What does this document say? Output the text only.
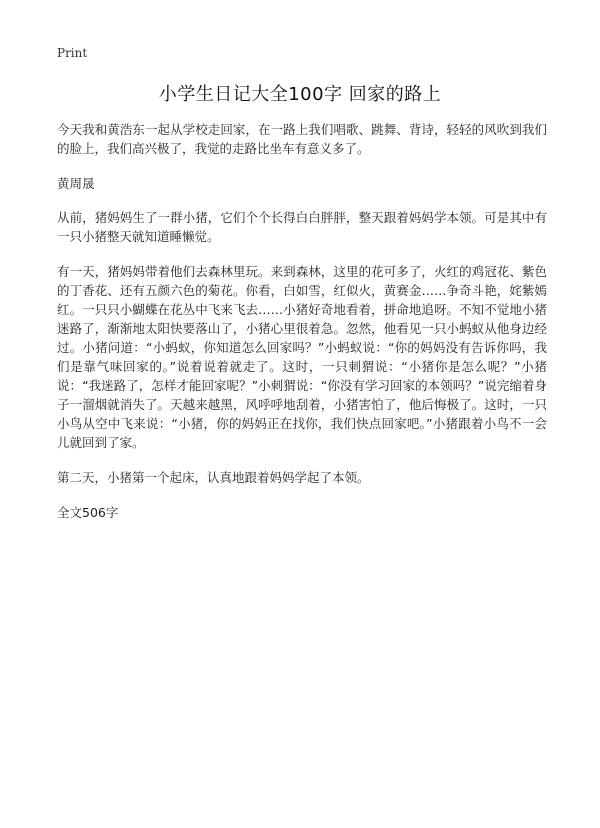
Print
小学生日记大全100字 回家的路上

今天我和黄浩东一起从学校走回家，在一路上我们唱歌、跳舞、背诗，轻轻的风吹到我们的脸上，我们高兴极了，我觉的走路比坐车有意义多了。

黄周晟

从前，猪妈妈生了一群小猪，它们个个长得白白胖胖，整天跟着妈妈学本领。可是其中有一只小猪整天就知道睡懒觉。

有一天，猪妈妈带着他们去森林里玩。来到森林，这里的花可多了，火红的鸡冠花、紫色的丁香花、还有五颜六色的菊花。你看，白如雪，红似火，黄赛金……争奇斗艳，姹紫嫣红。一只只小蝴蝶在花丛中飞来飞去……小猪好奇地看着，拼命地追呀。不知不觉地小猪迷路了，渐渐地太阳快要落山了，小猪心里很着急。忽然，他看见一只小蚂蚁从他身边经过。小猪问道：“小蚂蚁，你知道怎么回家吗？”小蚂蚁说：“你的妈妈没有告诉你吗，我们是靠气味回家的。”说着说着就走了。这时，一只刺猬说：“小猪你是怎么呢？”小猪说：“我迷路了，怎样才能回家呢？”小刺猬说：“你没有学习回家的本领吗？”说完缩着身子一溜烟就消失了。天越来越黑，风呼呼地刮着，小猪害怕了，他后悔极了。这时，一只小鸟从空中飞来说：“小猪，你的妈妈正在找你，我们快点回家吧。”小猪跟着小鸟不一会儿就回到了家。

第二天，小猪第一个起床，认真地跟着妈妈学起了本领。

全文506字
